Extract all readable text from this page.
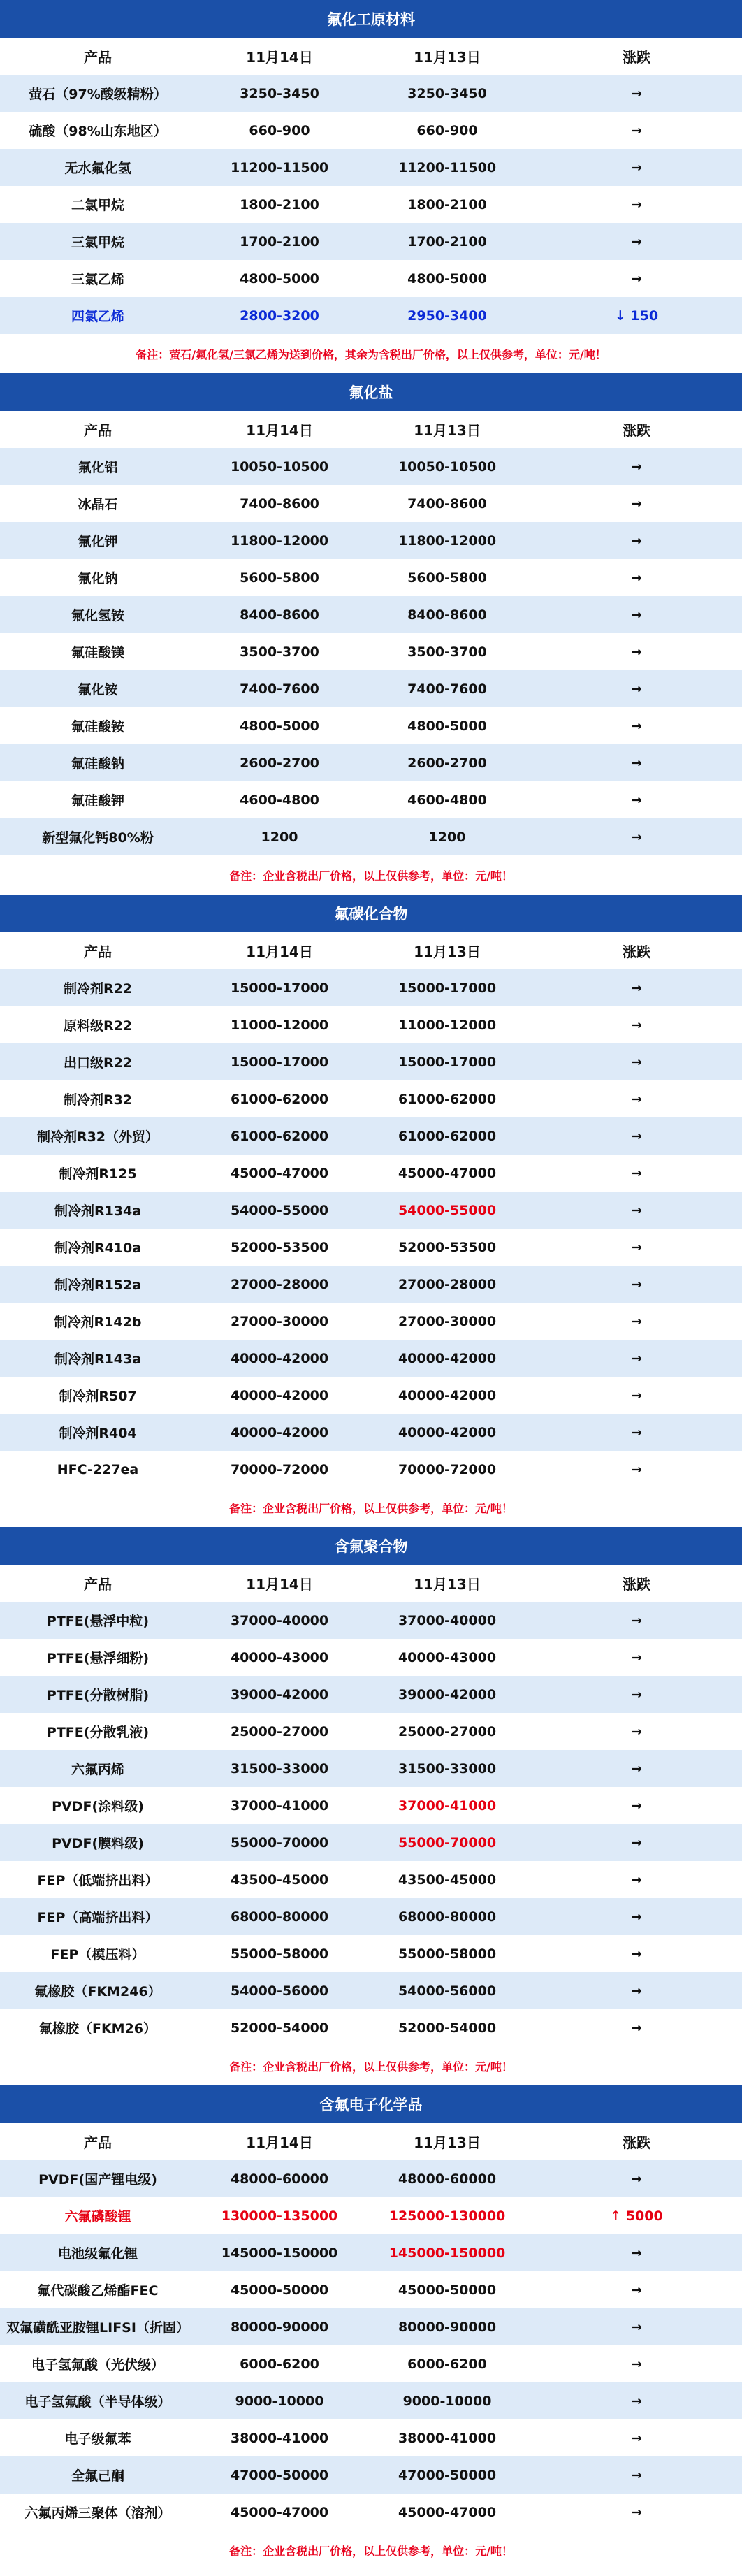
氟化工原材料
产品	11月14日	11月13日	涨跌
萤石（97%酸级精粉）	3250-3450	3250-3450	→
硫酸（98%山东地区）	660-900	660-900	→
无水氟化氢	11200-11500	11200-11500	→
二氯甲烷	1800-2100	1800-2100	→
三氯甲烷	1700-2100	1700-2100	→
三氯乙烯	4800-5000	4800-5000	→
四氯乙烯	2800-3200	2950-3400	↓ 150
备注：萤石/氟化氢/三氯乙烯为送到价格，其余为含税出厂价格，以上仅供参考，单位：元/吨！
氟化盐
产品	11月14日	11月13日	涨跌
氟化铝	10050-10500	10050-10500	→
冰晶石	7400-8600	7400-8600	→
氟化钾	11800-12000	11800-12000	→
氟化钠	5600-5800	5600-5800	→
氟化氢铵	8400-8600	8400-8600	→
氟硅酸镁	3500-3700	3500-3700	→
氟化铵	7400-7600	7400-7600	→
氟硅酸铵	4800-5000	4800-5000	→
氟硅酸钠	2600-2700	2600-2700	→
氟硅酸钾	4600-4800	4600-4800	→
新型氟化钙80%粉	1200	1200	→
备注：企业含税出厂价格，以上仅供参考，单位：元/吨！
氟碳化合物
产品	11月14日	11月13日	涨跌
制冷剂R22	15000-17000	15000-17000	→
原料级R22	11000-12000	11000-12000	→
出口级R22	15000-17000	15000-17000	→
制冷剂R32	61000-62000	61000-62000	→
制冷剂R32（外贸）	61000-62000	61000-62000	→
制冷剂R125	45000-47000	45000-47000	→
制冷剂R134a	54000-55000	54000-55000	→
制冷剂R410a	52000-53500	52000-53500	→
制冷剂R152a	27000-28000	27000-28000	→
制冷剂R142b	27000-30000	27000-30000	→
制冷剂R143a	40000-42000	40000-42000	→
制冷剂R507	40000-42000	40000-42000	→
制冷剂R404	40000-42000	40000-42000	→
HFC-227ea	70000-72000	70000-72000	→
备注：企业含税出厂价格，以上仅供参考，单位：元/吨！
含氟聚合物
产品	11月14日	11月13日	涨跌
PTFE(悬浮中粒)	37000-40000	37000-40000	→
PTFE(悬浮细粉)	40000-43000	40000-43000	→
PTFE(分散树脂)	39000-42000	39000-42000	→
PTFE(分散乳液)	25000-27000	25000-27000	→
六氟丙烯	31500-33000	31500-33000	→
PVDF(涂料级)	37000-41000	37000-41000	→
PVDF(膜料级)	55000-70000	55000-70000	→
FEP（低端挤出料）	43500-45000	43500-45000	→
FEP（高端挤出料）	68000-80000	68000-80000	→
FEP（模压料）	55000-58000	55000-58000	→
氟橡胶（FKM246）	54000-56000	54000-56000	→
氟橡胶（FKM26）	52000-54000	52000-54000	→
备注：企业含税出厂价格，以上仅供参考，单位：元/吨！
含氟电子化学品
产品	11月14日	11月13日	涨跌
PVDF(国产锂电级)	48000-60000	48000-60000	→
六氟磷酸锂	130000-135000	125000-130000	↑ 5000
电池级氟化锂	145000-150000	145000-150000	→
氟代碳酸乙烯酯FEC	45000-50000	45000-50000	→
双氟磺酰亚胺锂LIFSI（折固）	80000-90000	80000-90000	→
电子氢氟酸（光伏级）	6000-6200	6000-6200	→
电子氢氟酸（半导体级）	9000-10000	9000-10000	→
电子级氟苯	38000-41000	38000-41000	→
全氟己酮	47000-50000	47000-50000	→
六氟丙烯三聚体（溶剂）	45000-47000	45000-47000	→
备注：企业含税出厂价格，以上仅供参考，单位：元/吨！
